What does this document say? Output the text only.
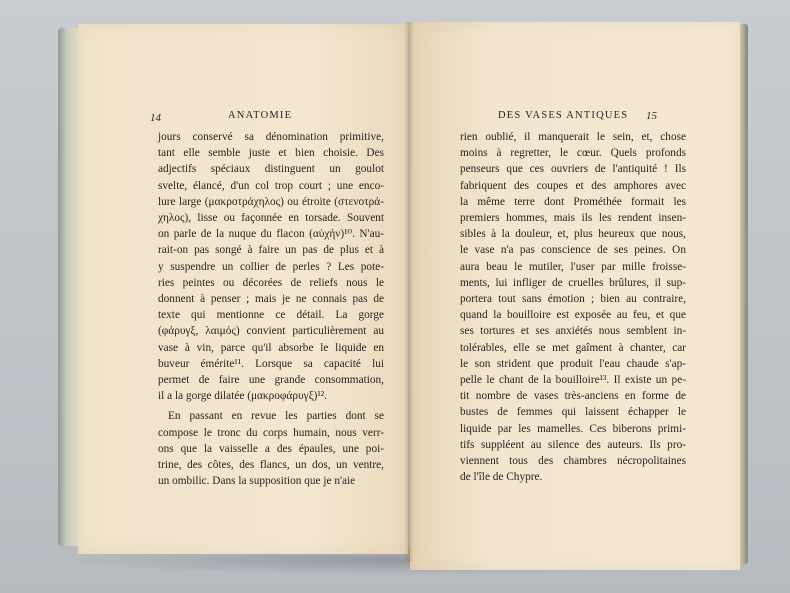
14	ANATOMIE

jours conservé sa dénomination primitive,

tant elle semble juste et bien choisie. Des

adjectifs spéciaux distinguent un goulot

svelte, élancé, d'un col trop court ; une enco-

lure large (μακροτράχηλος) ou étroite (στενοτρά-

χηλος), lisse ou façonnée en torsade. Souvent

on parle de la nuque du flacon (αὐχήν)¹⁰. N'au-

rait-on pas songé à faire un pas de plus et à

y suspendre un collier de perles ? Les pote-

ries peintes ou décorées de reliefs nous le

donnent à penser ; mais je ne connais pas de

texte qui mentionne ce détail. La gorge

(φάρυγξ, λαιμός) convient particulièrement au

vase à vin, parce qu'il absorbe le liquide en

buveur émérite¹¹. Lorsque sa capacité lui

permet de faire une grande consommation,

il a la gorge dilatée (μακροφάρυγξ)¹².

En passant en revue les parties dont se

compose le tronc du corps humain, nous verr-

ons que la vaisselle a des épaules, une poi-

trine, des côtes, des flancs, un dos, un ventre,

un ombilic. Dans la supposition que je n'aie

DES VASES ANTIQUES 15

rien oublié, il manquerait le sein, et, chose

moins à regretter, le cœur. Quels profonds

penseurs que ces ouvriers de l'antiquité ! Ils

fabriquent des coupes et des amphores avec

la même terre dont Prométhée formait les

premiers hommes, mais ils les rendent insen-

sibles à la douleur, et, plus heureux que nous,

le vase n'a pas conscience de ses peines. On

aura beau le mutiler, l'user par mille froisse-

ments, lui infliger de cruelles brûlures, il sup-

portera tout sans émotion ; bien au contraire,

quand la bouilloire est exposée au feu, et que

ses tortures et ses anxiétés nous semblent in-

tolérables, elle se met gaîment à chanter, car

le son strident que produit l'eau chaude s'ap-

pelle le chant de la bouilloire¹³. Il existe un pe-

tit nombre de vases très-anciens en forme de

bustes de femmes qui laissent échapper le

liquide par les mamelles. Ces biberons primi-

tifs suppléent au silence des auteurs. Ils pro-

viennent tous des chambres nécropolitaines

de l'île de Chypre.
